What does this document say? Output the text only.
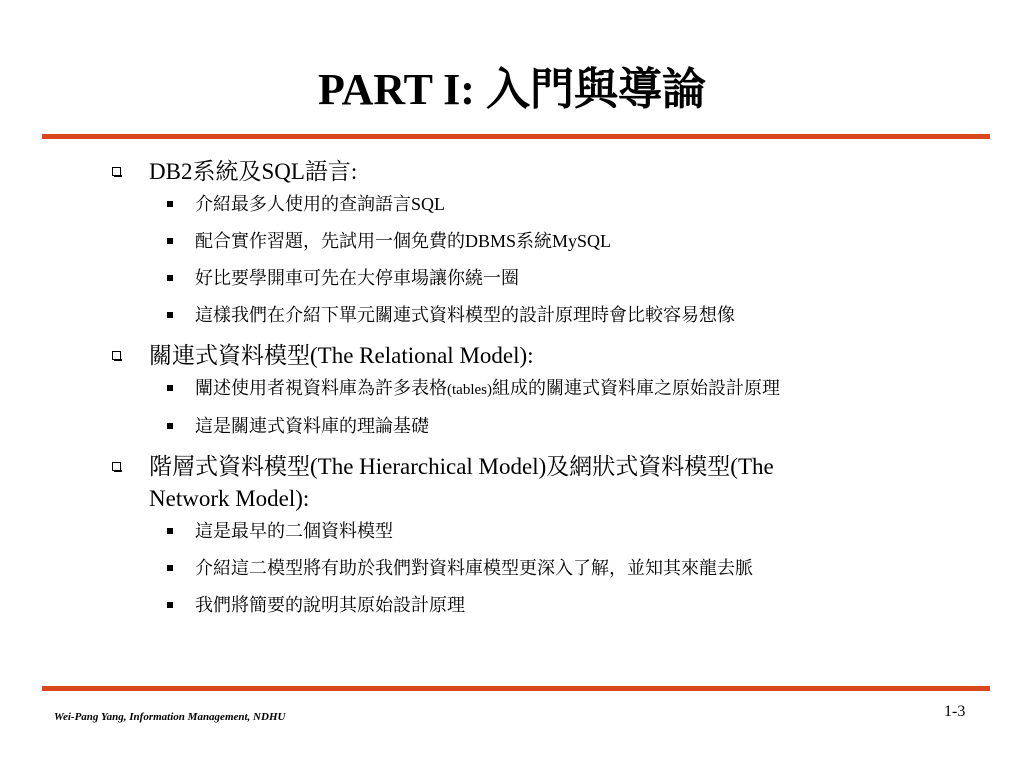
PART I: 入門與導論
DB2系統及SQL語言:
介紹最多人使用的查詢語言SQL
配合實作習題，先試用一個免費的DBMS系統MySQL
好比要學開車可先在大停車場讓你繞一圈
這樣我們在介紹下單元關連式資料模型的設計原理時會比較容易想像
關連式資料模型(The Relational Model):
闡述使用者視資料庫為許多表格(tables)組成的關連式資料庫之原始設計原理
這是關連式資料庫的理論基礎
階層式資料模型(The Hierarchical Model)及網狀式資料模型(The
Network Model):
這是最早的二個資料模型
介紹這二模型將有助於我們對資料庫模型更深入了解，並知其來龍去脈
我們將簡要的說明其原始設計原理
Wei-Pang Yang, Information Management, NDHU	1-3
